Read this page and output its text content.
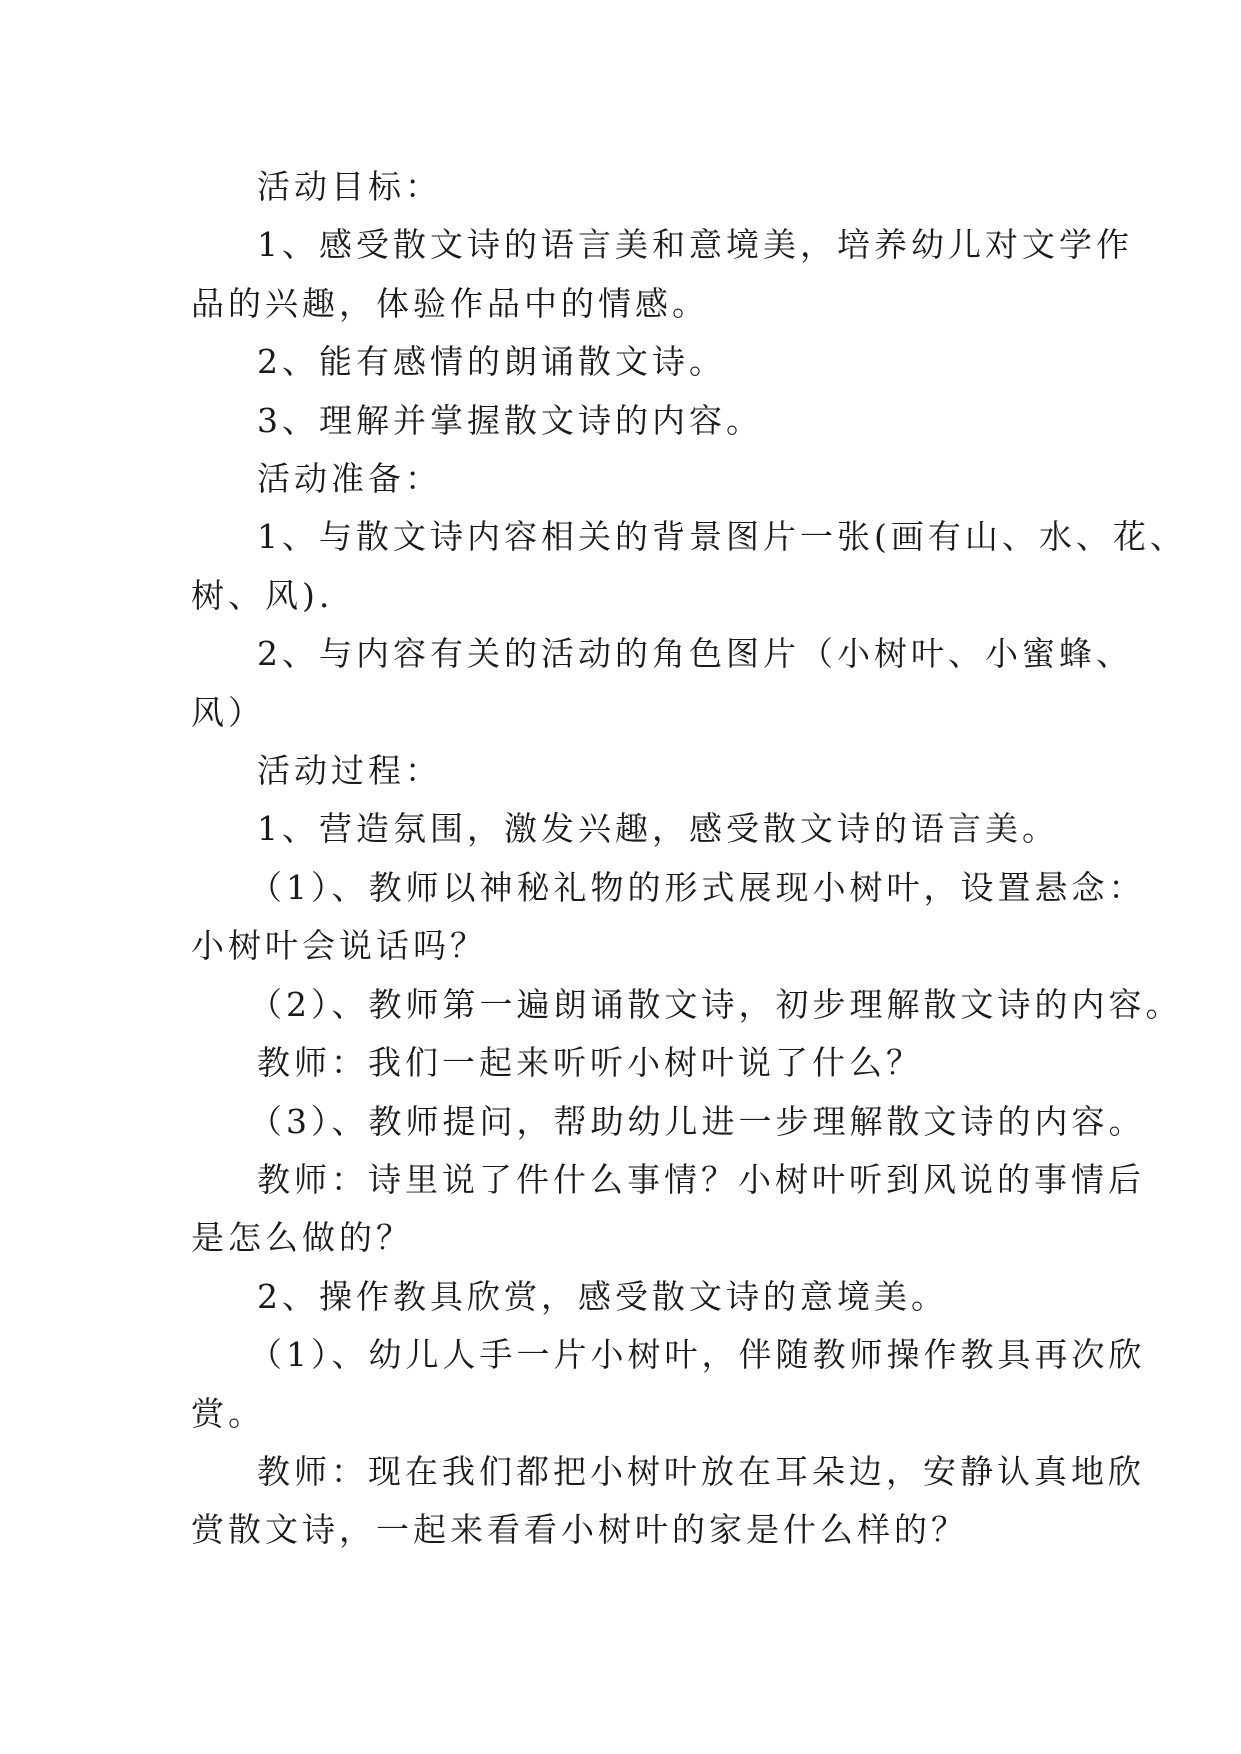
活动目标：

1、感受散文诗的语言美和意境美，培养幼儿对文学作

品的兴趣，体验作品中的情感。

2、能有感情的朗诵散文诗。

3、理解并掌握散文诗的内容。

活动准备：

1、与散文诗内容相关的背景图片一张(画有山、水、花、

树、风).

2、与内容有关的活动的角色图片（小树叶、小蜜蜂、

风）

活动过程：

1、营造氛围，激发兴趣，感受散文诗的语言美。

（1）、教师以神秘礼物的形式展现小树叶，设置悬念：

小树叶会说话吗？

（2）、教师第一遍朗诵散文诗，初步理解散文诗的内容。

教师：我们一起来听听小树叶说了什么？

（3）、教师提问，帮助幼儿进一步理解散文诗的内容。

教师：诗里说了件什么事情？小树叶听到风说的事情后

是怎么做的？

2、操作教具欣赏，感受散文诗的意境美。

（1）、幼儿人手一片小树叶，伴随教师操作教具再次欣

赏。

教师：现在我们都把小树叶放在耳朵边，安静认真地欣

赏散文诗，一起来看看小树叶的家是什么样的？
